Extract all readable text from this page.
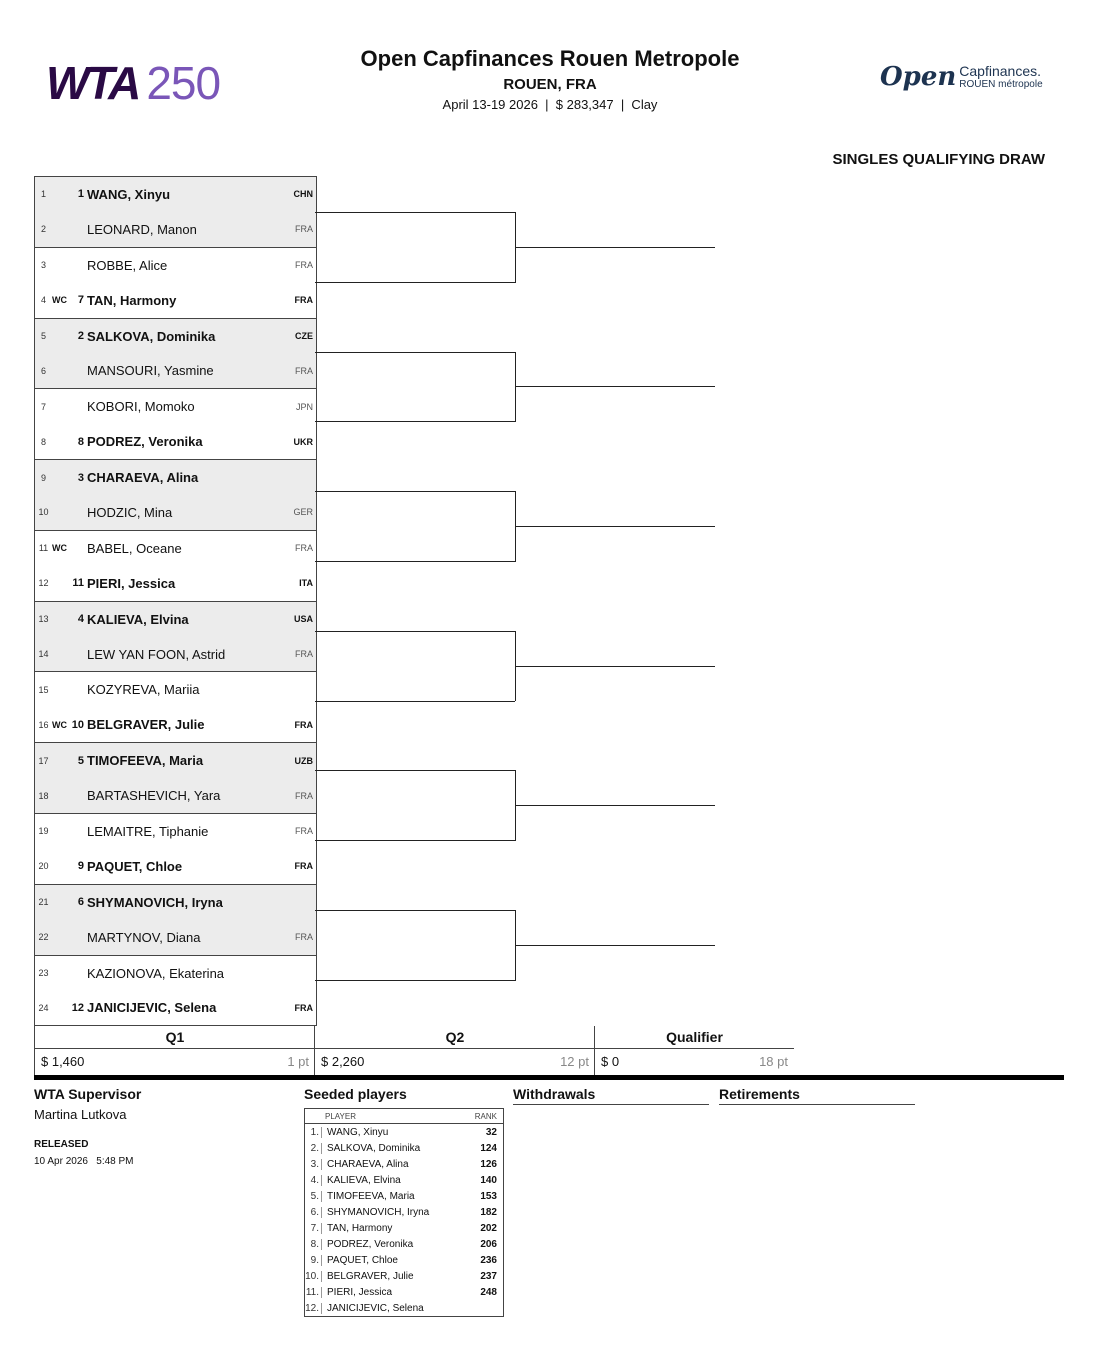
WTA 250	Open Capfinances Rouen Metropole
ROUEN, FRA
April 13-19 2026  |  $ 283,347  |  Clay
Open Capfinances.
ROUEN métropole
SINGLES QUALIFYING DRAW
1	1 WANG, Xinyu	CHN
2	LEONARD, Manon	FRA
3	ROBBE, Alice	FRA
4 WC 7 TAN, Harmony	FRA
5	2 SALKOVA, Dominika	CZE
6	MANSOURI, Yasmine	FRA
7	KOBORI, Momoko	JPN
8	8 PODREZ, Veronika	UKR
9	3 CHARAEVA, Alina
10	HODZIC, Mina	GER
11 WC BABEL, Oceane	FRA
12	11 PIERI, Jessica	ITA
13	4 KALIEVA, Elvina	USA
14	LEW YAN FOON, Astrid	FRA
15	KOZYREVA, Mariia
16 WC 10 BELGRAVER, Julie	FRA
17	5 TIMOFEEVA, Maria	UZB
18	BARTASHEVICH, Yara	FRA
19	LEMAITRE, Tiphanie	FRA
20	9 PAQUET, Chloe	FRA
21	6 SHYMANOVICH, Iryna
22	MARTYNOV, Diana	FRA
23	KAZIONOVA, Ekaterina
24	12 JANICIJEVIC, Selena	FRA
Q1
$ 1,460	1 pt
Q2
$ 2,260	12 pt
Qualifier
$ 0	18 pt
WTA Supervisor
Martina Lutkova
RELEASED
10 Apr 2026   5:48 PM
Seeded players	Withdrawals	Retirements
PLAYER	RANK
1. WANG, Xinyu	32
2. SALKOVA, Dominika	124
3. CHARAEVA, Alina	126
4. KALIEVA, Elvina	140
5. TIMOFEEVA, Maria	153
6. SHYMANOVICH, Iryna	182
7. TAN, Harmony	202
8. PODREZ, Veronika	206
9. PAQUET, Chloe	236
10. BELGRAVER, Julie	237
11. PIERI, Jessica	248
12. JANICIJEVIC, Selena
